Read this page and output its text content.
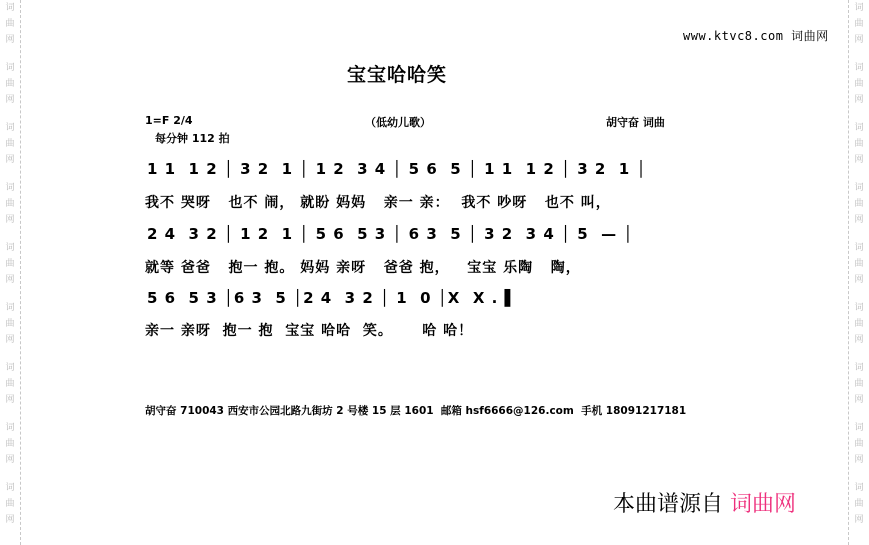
词曲网
词曲网
词曲网
词曲网
词曲网
词曲网
词曲网
词曲网
词曲网
词曲网
词曲网
词曲网
词曲网
词曲网
词曲网
词曲网
词曲网
词曲网
www.ktvc8.com 词曲网
宝宝哈哈笑
1=F 2/4
每分钟 112 拍
（低幼儿歌）	胡守奋 词曲
1 1  1 2 │ 3 2  1 │ 1 2  3 4 │ 5 6  5 │ 1 1  1 2 │ 3 2  1 │
我不 哭呀   也不 闹， 就盼 妈妈   亲一 亲：  我不 吵呀   也不 叫，
2 4  3 2 │ 1 2  1 │ 5 6  5 3 │ 6 3  5 │ 3 2  3 4 │ 5  — │
就等 爸爸   抱一 抱。 妈妈 亲呀   爸爸 抱，   宝宝 乐陶   陶，
5 6  5 3 │6 3  5 │2 4  3 2 │ 1  0 │X  X . ▌
亲一 亲呀  抱一 抱  宝宝 哈哈  笑。     哈 哈！
胡守奋 710043 西安市公园北路九街坊 2 号楼 15 层 1601  邮箱 hsf6666@126.com  手机 18091217181
本曲谱源自 词曲网
